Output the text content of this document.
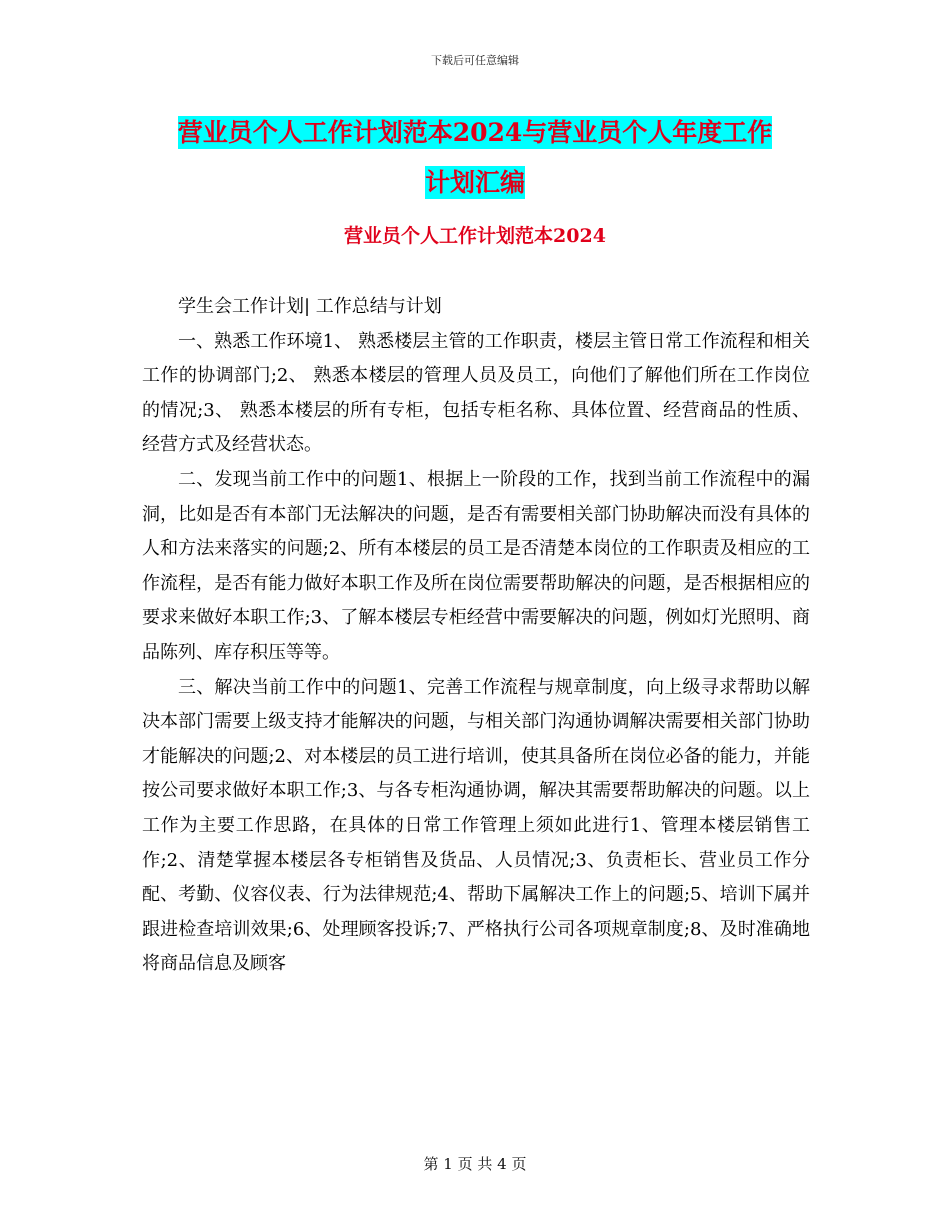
下载后可任意编辑
营业员个人工作计划范本2024与营业员个人年度工作
计划汇编
营业员个人工作计划范本2024

学生会工作计划| 工作总结与计划

一、熟悉工作环境1、 熟悉楼层主管的工作职责，楼层主管日常工作流程和相关工作的协调部门;2、 熟悉本楼层的管理人员及员工，向他们了解他们所在工作岗位的情况;3、 熟悉本楼层的所有专柜，包括专柜名称、具体位置、经营商品的性质、经营方式及经营状态。

二、发现当前工作中的问题1、根据上一阶段的工作，找到当前工作流程中的漏洞，比如是否有本部门无法解决的问题，是否有需要相关部门协助解决而没有具体的人和方法来落实的问题;2、所有本楼层的员工是否清楚本岗位的工作职责及相应的工作流程，是否有能力做好本职工作及所在岗位需要帮助解决的问题，是否根据相应的要求来做好本职工作;3、了解本楼层专柜经营中需要解决的问题，例如灯光照明、商品陈列、库存积压等等。

三、解决当前工作中的问题1、完善工作流程与规章制度，向上级寻求帮助以解决本部门需要上级支持才能解决的问题，与相关部门沟通协调解决需要相关部门协助才能解决的问题;2、对本楼层的员工进行培训，使其具备所在岗位必备的能力，并能按公司要求做好本职工作;3、与各专柜沟通协调，解决其需要帮助解决的问题。以上工作为主要工作思路，在具体的日常工作管理上须如此进行1、管理本楼层销售工作;2、清楚掌握本楼层各专柜销售及货品、人员情况;3、负责柜长、营业员工作分配、考勤、仪容仪表、行为法律规范;4、帮助下属解决工作上的问题;5、培训下属并跟进检查培训效果;6、处理顾客投诉;7、严格执行公司各项规章制度;8、及时准确地将商品信息及顾客

第 1 页 共 4 页
